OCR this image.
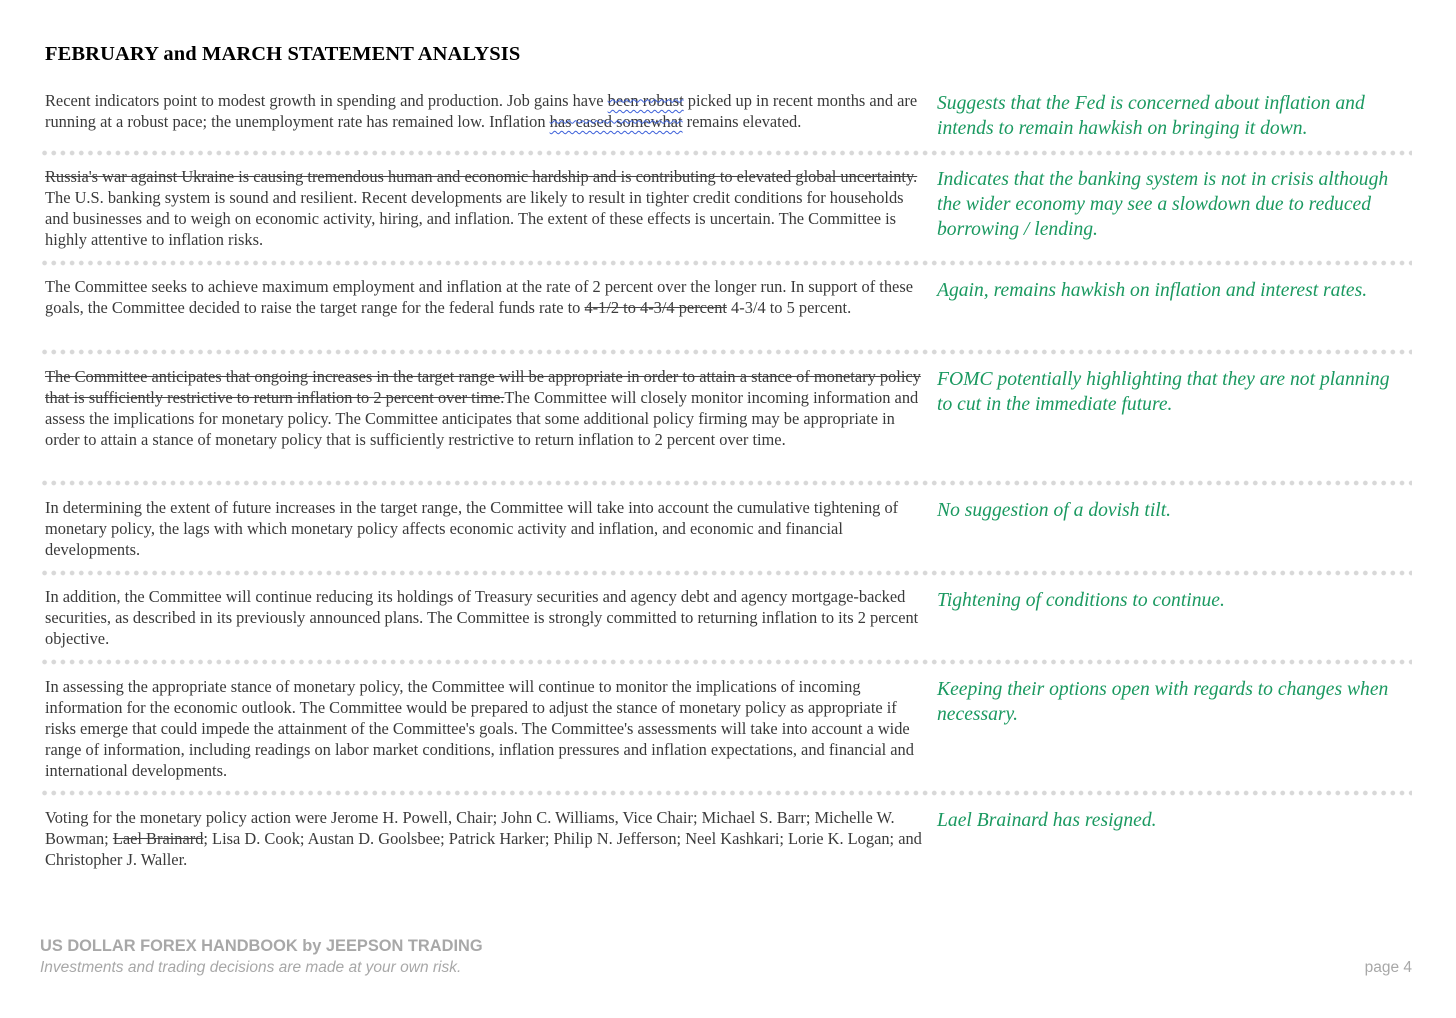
FEBRUARY and MARCH STATEMENT ANALYSIS
Recent indicators point to modest growth in spending and production. Job gains have been robust picked up in recent months and are running at a robust pace; the unemployment rate has remained low. Inflation has eased somewhat remains elevated.
Suggests that the Fed is concerned about inflation and intends to remain hawkish on bringing it down.
Russia's war against Ukraine is causing tremendous human and economic hardship and is contributing to elevated global uncertainty. The U.S. banking system is sound and resilient. Recent developments are likely to result in tighter credit conditions for households and businesses and to weigh on economic activity, hiring, and inflation. The extent of these effects is uncertain. The Committee is highly attentive to inflation risks.
Indicates that the banking system is not in crisis although the wider economy may see a slowdown due to reduced borrowing / lending.
The Committee seeks to achieve maximum employment and inflation at the rate of 2 percent over the longer run. In support of these goals, the Committee decided to raise the target range for the federal funds rate to 4-1/2 to 4-3/4 percent 4-3/4 to 5 percent.
Again, remains hawkish on inflation and interest rates.
The Committee anticipates that ongoing increases in the target range will be appropriate in order to attain a stance of monetary policy that is sufficiently restrictive to return inflation to 2 percent over time.The Committee will closely monitor incoming information and assess the implications for monetary policy. The Committee anticipates that some additional policy firming may be appropriate in order to attain a stance of monetary policy that is sufficiently restrictive to return inflation to 2 percent over time.
FOMC potentially highlighting that they are not planning to cut in the immediate future.
In determining the extent of future increases in the target range, the Committee will take into account the cumulative tightening of monetary policy, the lags with which monetary policy affects economic activity and inflation, and economic and financial developments.
No suggestion of a dovish tilt.
In addition, the Committee will continue reducing its holdings of Treasury securities and agency debt and agency mortgage-backed securities, as described in its previously announced plans. The Committee is strongly committed to returning inflation to its 2 percent objective.
Tightening of conditions to continue.
In assessing the appropriate stance of monetary policy, the Committee will continue to monitor the implications of incoming information for the economic outlook. The Committee would be prepared to adjust the stance of monetary policy as appropriate if risks emerge that could impede the attainment of the Committee's goals. The Committee's assessments will take into account a wide range of information, including readings on labor market conditions, inflation pressures and inflation expectations, and financial and international developments.
Keeping their options open with regards to changes when necessary.
Voting for the monetary policy action were Jerome H. Powell, Chair; John C. Williams, Vice Chair; Michael S. Barr; Michelle W. Bowman; Lael Brainard; Lisa D. Cook; Austan D. Goolsbee; Patrick Harker; Philip N. Jefferson; Neel Kashkari; Lorie K. Logan; and Christopher J. Waller.
Lael Brainard has resigned.
US DOLLAR FOREX HANDBOOK by JEEPSON TRADING
Investments and trading decisions are made at your own risk.	page 4
